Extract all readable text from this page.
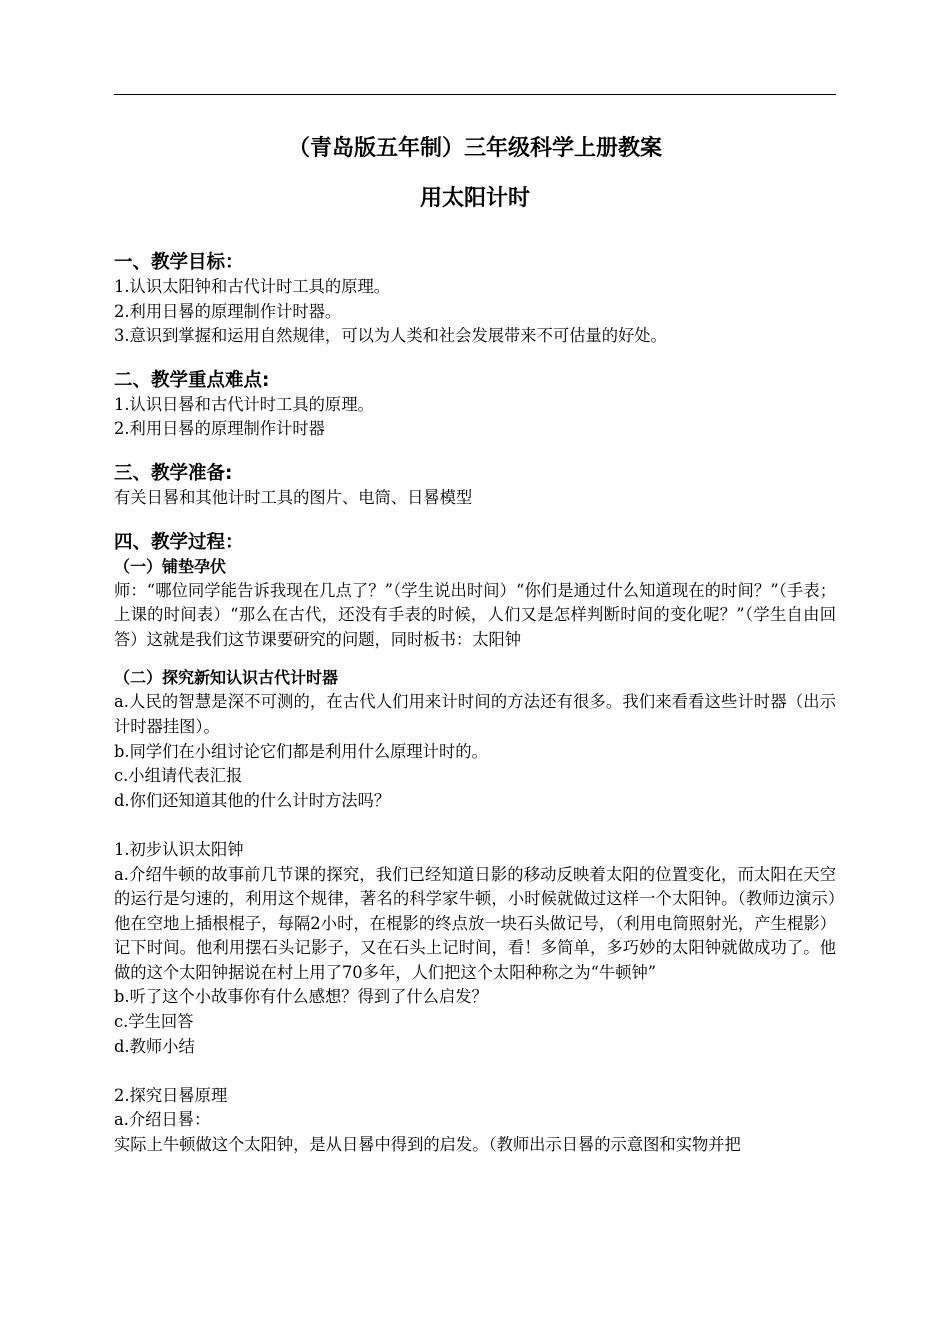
（青岛版五年制）三年级科学上册教案
用太阳计时
一、教学目标：
1.认识太阳钟和古代计时工具的原理。
2.利用日晷的原理制作计时器。
3.意识到掌握和运用自然规律，可以为人类和社会发展带来不可估量的好处。
二、教学重点难点:
1.认识日晷和古代计时工具的原理。
2.利用日晷的原理制作计时器
三、教学准备:
有关日晷和其他计时工具的图片、电筒、日晷模型
四、教学过程：
（一）铺垫孕伏
师：“哪位同学能告诉我现在几点了？”（学生说出时间）“你们是通过什么知道现在的时间？”（手表；上课的时间表）“那么在古代，还没有手表的时候，人们又是怎样判断时间的变化呢？”（学生自由回答）这就是我们这节课要研究的问题，同时板书：太阳钟
（二）探究新知认识古代计时器
a.人民的智慧是深不可测的，在古代人们用来计时间的方法还有很多。我们来看看这些计时器（出示计时器挂图）。
b.同学们在小组讨论它们都是利用什么原理计时的。
c.小组请代表汇报
d.你们还知道其他的什么计时方法吗？
1.初步认识太阳钟
a.介绍牛顿的故事前几节课的探究，我们已经知道日影的移动反映着太阳的位置变化，而太阳在天空的运行是匀速的，利用这个规律，著名的科学家牛顿，小时候就做过这样一个太阳钟。（教师边演示）他在空地上插根棍子，每隔2小时，在棍影的终点放一块石头做记号，（利用电筒照射光，产生棍影）记下时间。他利用摆石头记影子，又在石头上记时间，看！多简单，多巧妙的太阳钟就做成功了。他做的这个太阳钟据说在村上用了70多年，人们把这个太阳种称之为“牛顿钟”
b.听了这个小故事你有什么感想？得到了什么启发？
c.学生回答
d.教师小结
2.探究日晷原理
a.介绍日晷：
实际上牛顿做这个太阳钟，是从日晷中得到的启发。（教师出示日晷的示意图和实物并把
